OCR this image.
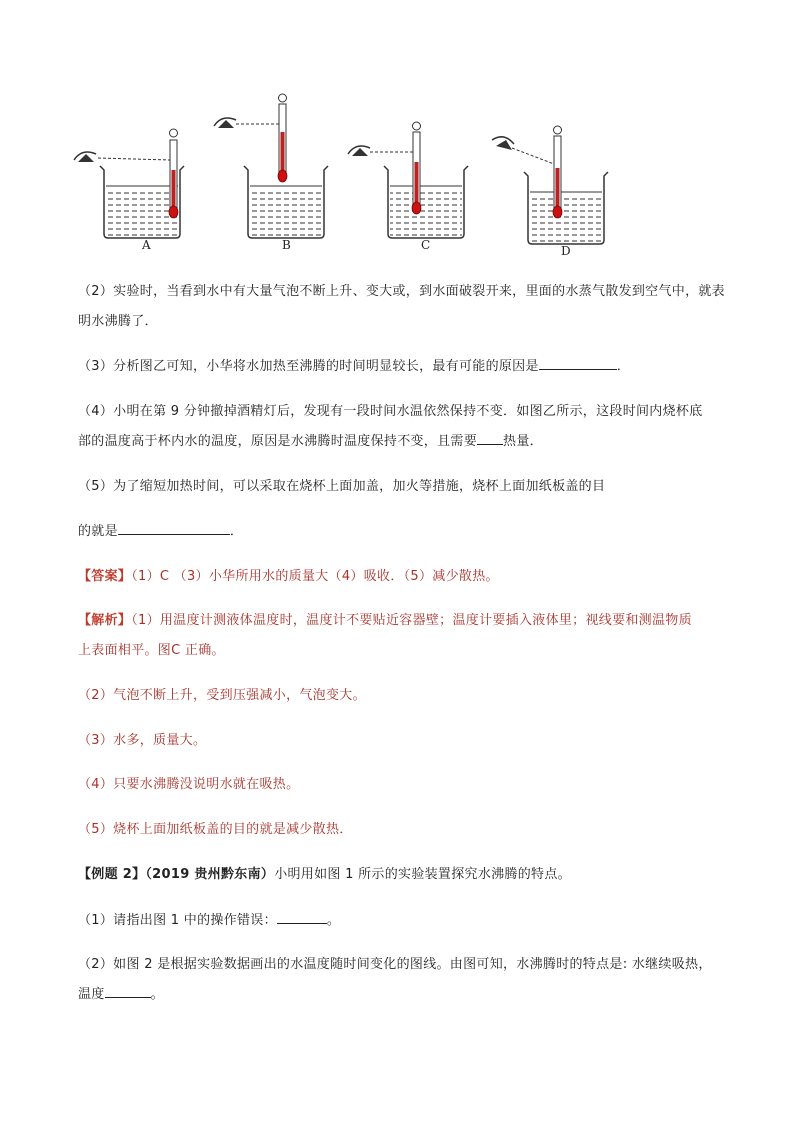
A	B	C	D
（2）实验时，当看到水中有大量气泡不断上升、变大或，到水面破裂开来，里面的水蒸气散发到空气中，就表明水沸腾了．
（3）分析图乙可知，小华将水加热至沸腾的时间明显较长，最有可能的原因是	．
（4）小明在第 9 分钟撤掉酒精灯后，发现有一段时间水温依然保持不变．如图乙所示，这段时间内烧杯底
部的温度高于杯内水的温度，原因是水沸腾时温度保持不变，且需要 热量．
（5）为了缩短加热时间，可以采取在烧杯上面加盖，加火等措施，烧杯上面加纸板盖的目
的就是	．
【答案】（1）C （3）小华所用水的质量大（4）吸收．（5）减少散热。
【解析】（1）用温度计测液体温度时，温度计不要贴近容器壁；温度计要插入液体里；视线要和测温物质
上表面相平。图C 正确。
（2）气泡不断上升，受到压强减小，气泡变大。
（3）水多，质量大。
（4）只要水沸腾没说明水就在吸热。
（5）烧杯上面加纸板盖的目的就是减少散热．
【例题 2】（2019 贵州黔东南）小明用如图 1 所示的实验装置探究水沸腾的特点。
（1）请指出图 1 中的操作错误：	。
（2）如图 2 是根据实验数据画出的水温度随时间变化的图线。由图可知，水沸腾时的特点是: 水继续吸热，
温度	。
